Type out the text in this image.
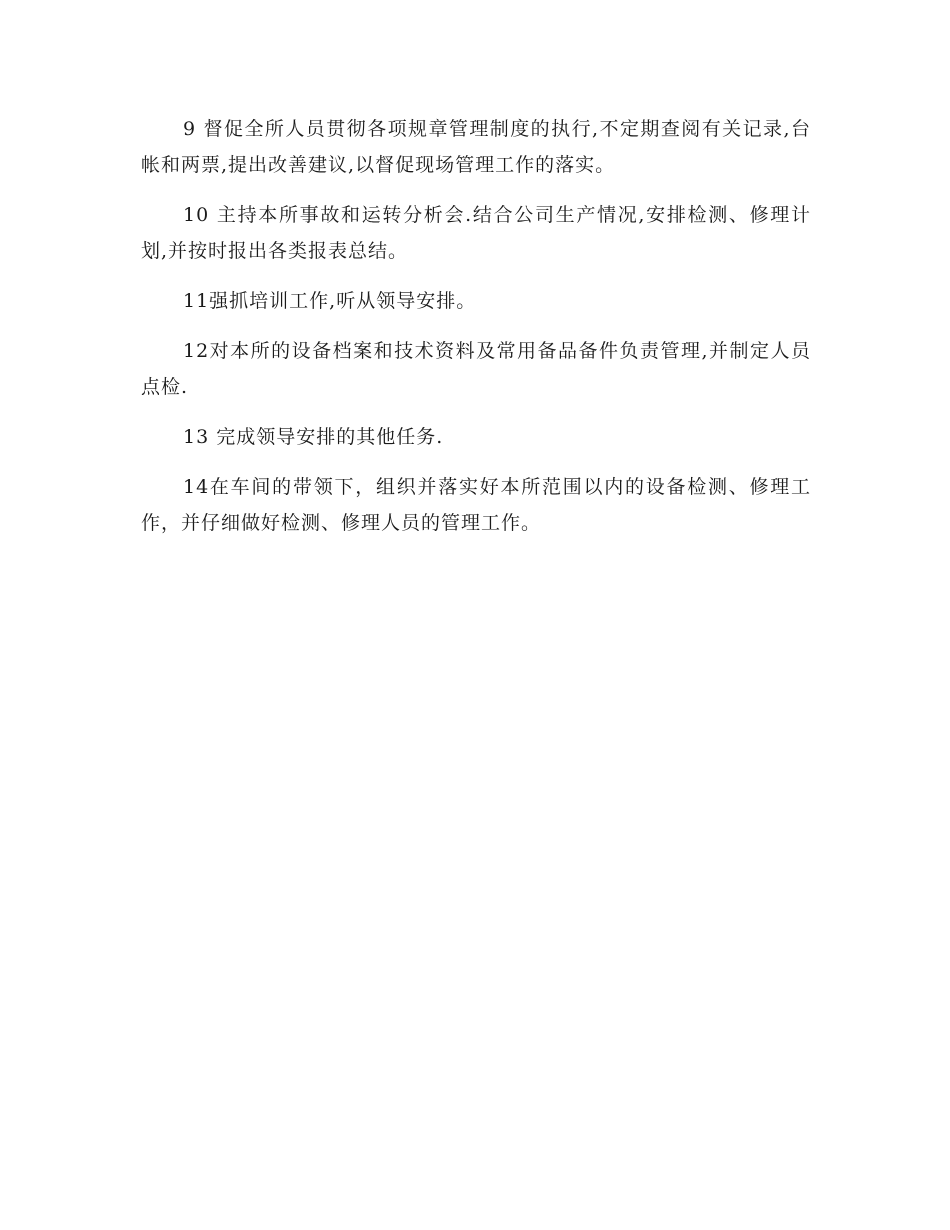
9 督促全所人员贯彻各项规章管理制度的执行,不定期查阅有关记录,台帐和两票,提出改善建议,以督促现场管理工作的落实。

10 主持本所事故和运转分析会.结合公司生产情况,安排检测、修理计划,并按时报出各类报表总结。

11强抓培训工作,听从领导安排。

12对本所的设备档案和技术资料及常用备品备件负责管理,并制定人员点检.

13 完成领导安排的其他任务.

14在车间的带领下，组织并落实好本所范围以内的设备检测、修理工作，并仔细做好检测、修理人员的管理工作。
